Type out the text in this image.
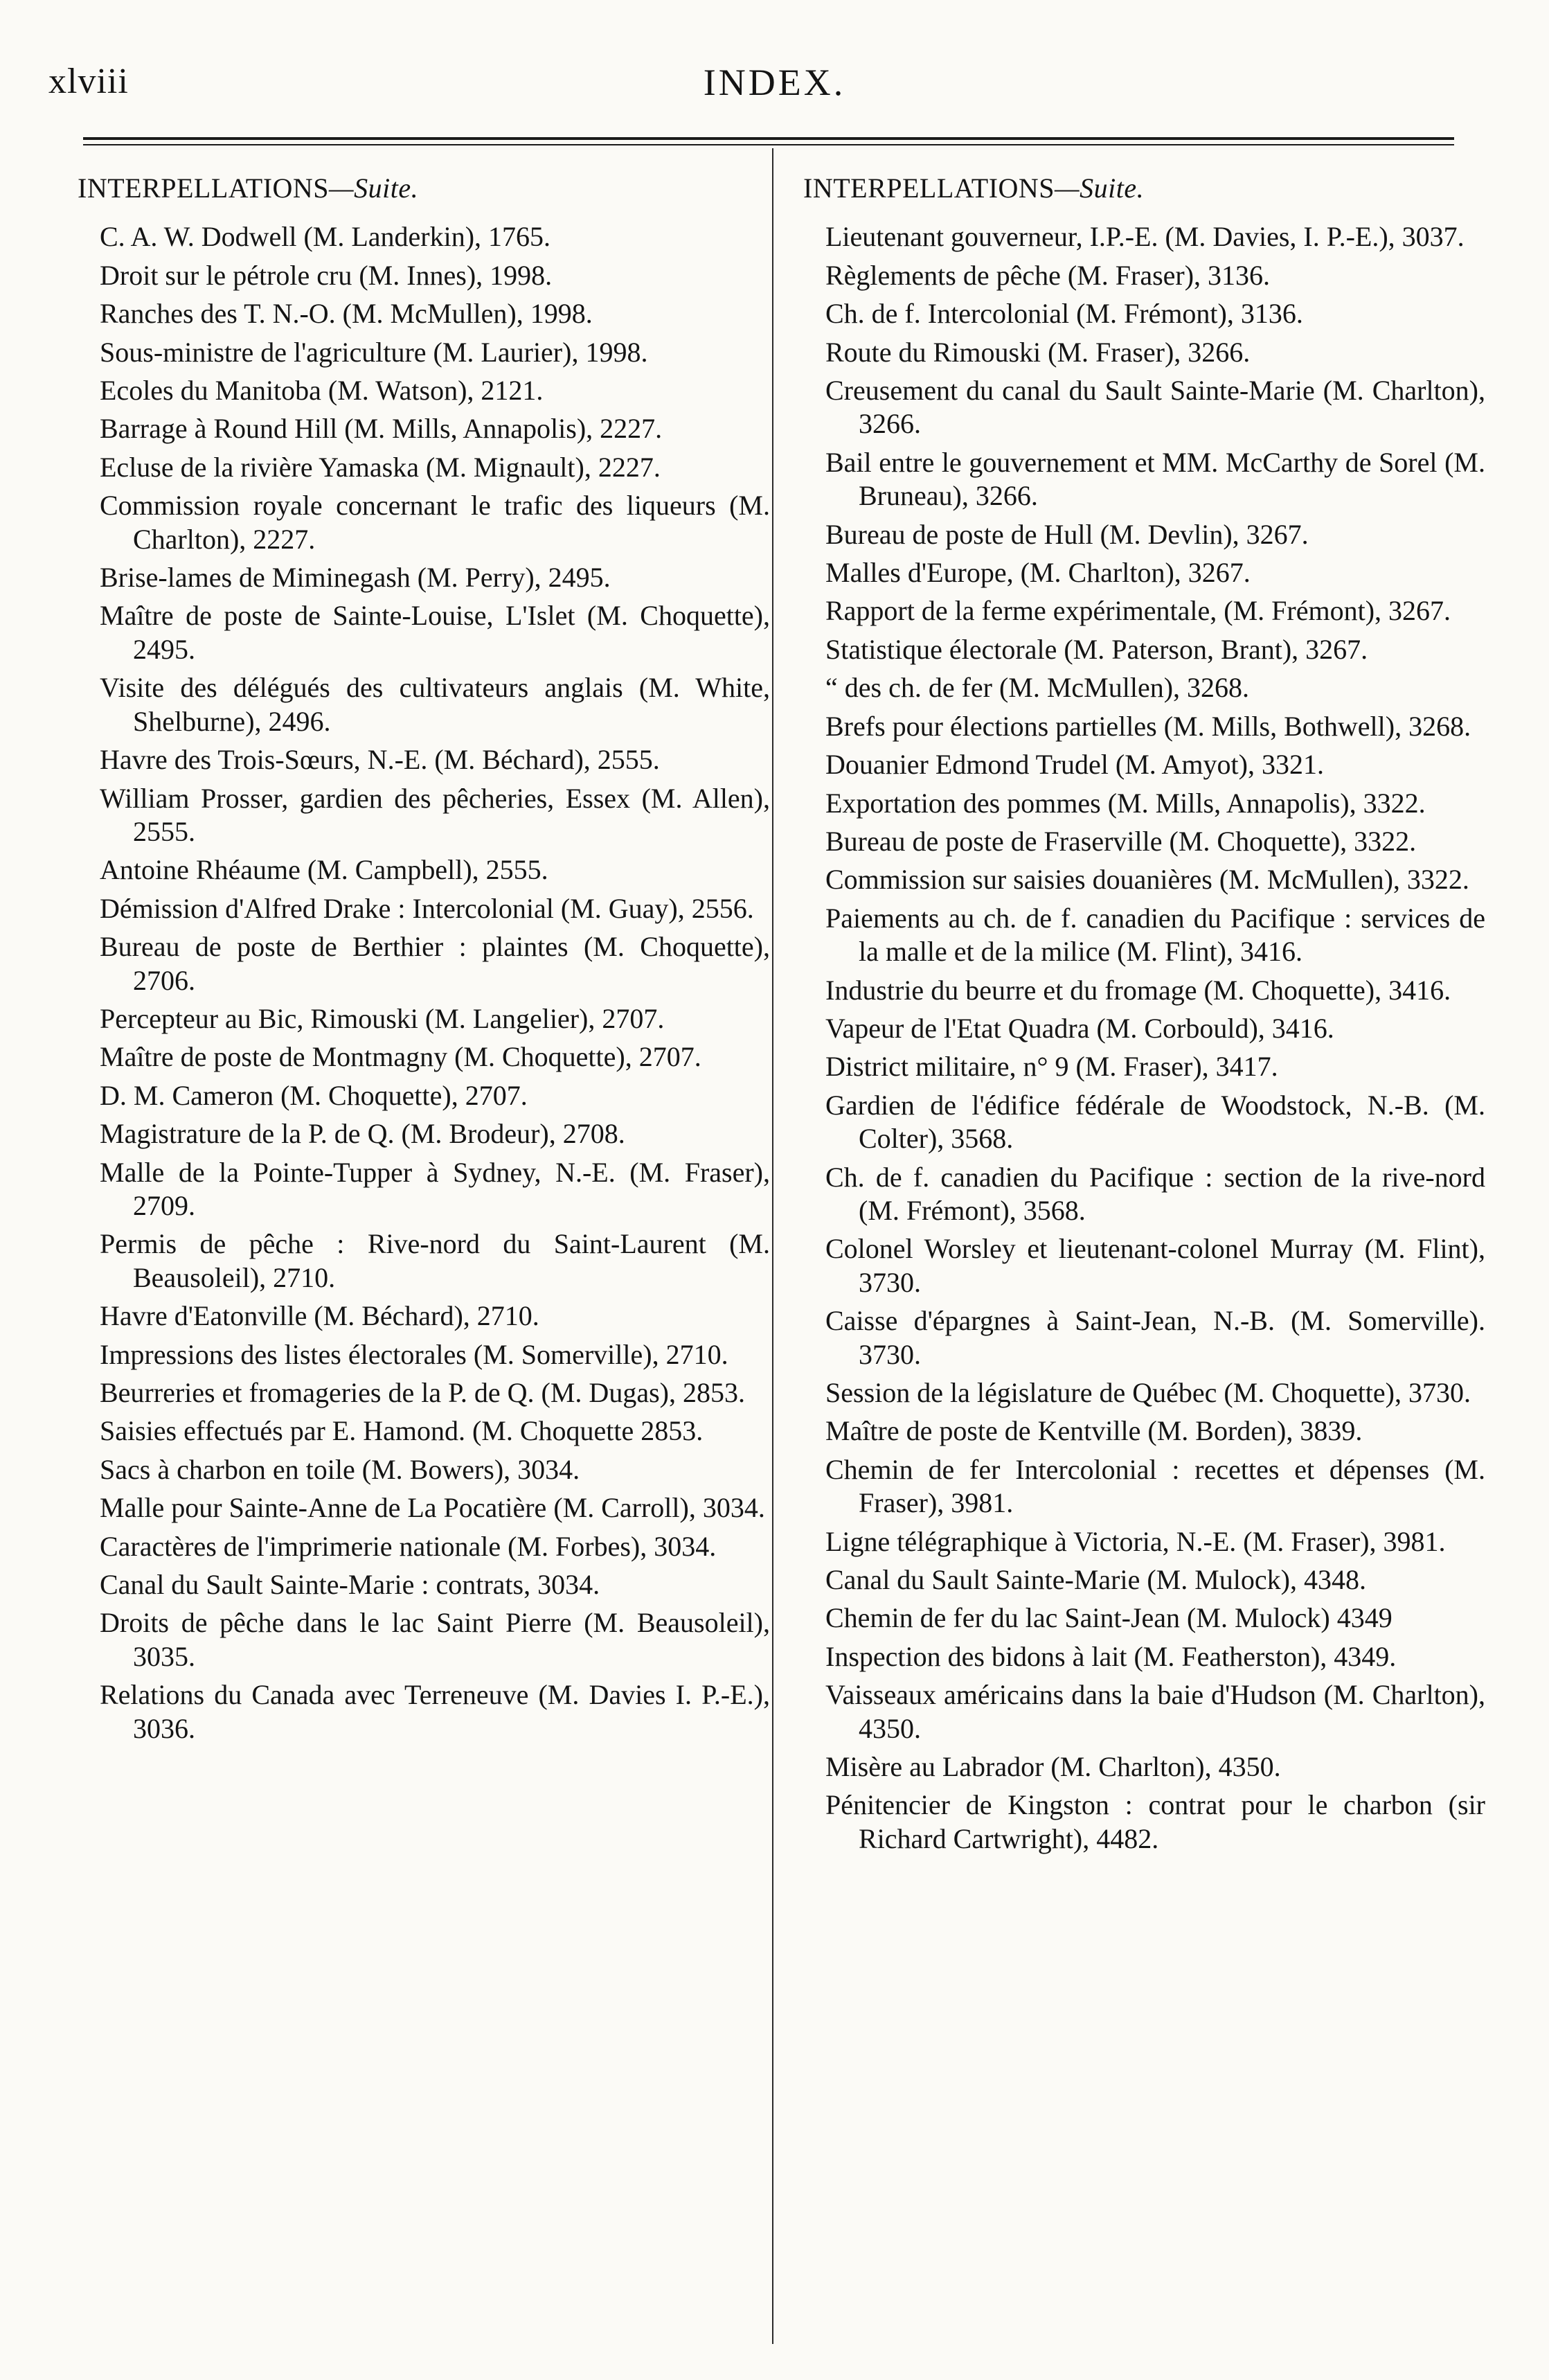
xlviii	INDEX.
INTERPELLATIONS—Suite.

C. A. W. Dodwell (M. Landerkin), 1765.

Droit sur le pétrole cru (M. Innes), 1998.

Ranches des T. N.-O. (M. McMullen), 1998.

Sous-ministre de l'agriculture (M. Laurier), 1998.

Ecoles du Manitoba (M. Watson), 2121.

Barrage à Round Hill (M. Mills, Annapolis), 2227.

Ecluse de la rivière Yamaska (M. Mignault), 2227.

Commission royale concernant le trafic des liqueurs (M. Charlton), 2227.

Brise-lames de Miminegash (M. Perry), 2495.

Maître de poste de Sainte-Louise, L'Islet (M. Choquette), 2495.

Visite des délégués des cultivateurs anglais (M. White, Shelburne), 2496.

Havre des Trois-Sœurs, N.-E. (M. Béchard), 2555.

William Prosser, gardien des pêcheries, Essex (M. Allen), 2555.

Antoine Rhéaume (M. Campbell), 2555.

Démission d'Alfred Drake : Intercolonial (M. Guay), 2556.

Bureau de poste de Berthier : plaintes (M. Choquette), 2706.

Percepteur au Bic, Rimouski (M. Langelier), 2707.

Maître de poste de Montmagny (M. Choquette), 2707.

D. M. Cameron (M. Choquette), 2707.

Magistrature de la P. de Q. (M. Brodeur), 2708.

Malle de la Pointe-Tupper à Sydney, N.-E. (M. Fraser), 2709.

Permis de pêche : Rive-nord du Saint-Laurent (M. Beausoleil), 2710.

Havre d'Eatonville (M. Béchard), 2710.

Impressions des listes électorales (M. Somerville), 2710.

Beurreries et fromageries de la P. de Q. (M. Dugas), 2853.

Saisies effectués par E. Hamond. (M. Choquette 2853.

Sacs à charbon en toile (M. Bowers), 3034.

Malle pour Sainte-Anne de La Pocatière (M. Carroll), 3034.

Caractères de l'imprimerie nationale (M. Forbes), 3034.

Canal du Sault Sainte-Marie : contrats, 3034.

Droits de pêche dans le lac Saint Pierre (M. Beausoleil), 3035.

Relations du Canada avec Terreneuve (M. Davies I. P.-E.), 3036.

INTERPELLATIONS—Suite.

Lieutenant gouverneur, I.P.-E. (M. Davies, I. P.-E.), 3037.

Règlements de pêche (M. Fraser), 3136.

Ch. de f. Intercolonial (M. Frémont), 3136.

Route du Rimouski (M. Fraser), 3266.

Creusement du canal du Sault Sainte-Marie (M. Charlton), 3266.

Bail entre le gouvernement et MM. McCarthy de Sorel (M. Bruneau), 3266.

Bureau de poste de Hull (M. Devlin), 3267.

Malles d'Europe, (M. Charlton), 3267.

Rapport de la ferme expérimentale, (M. Frémont), 3267.

Statistique électorale (M. Paterson, Brant), 3267.

“ des ch. de fer (M. McMullen), 3268.

Brefs pour élections partielles (M. Mills, Bothwell), 3268.

Douanier Edmond Trudel (M. Amyot), 3321.

Exportation des pommes (M. Mills, Annapolis), 3322.

Bureau de poste de Fraserville (M. Choquette), 3322.

Commission sur saisies douanières (M. McMullen), 3322.

Paiements au ch. de f. canadien du Pacifique : services de la malle et de la milice (M. Flint), 3416.

Industrie du beurre et du fromage (M. Choquette), 3416.

Vapeur de l'Etat Quadra (M. Corbould), 3416.

District militaire, n° 9 (M. Fraser), 3417.

Gardien de l'édifice fédérale de Woodstock, N.-B. (M. Colter), 3568.

Ch. de f. canadien du Pacifique : section de la rive-nord (M. Frémont), 3568.

Colonel Worsley et lieutenant-colonel Murray (M. Flint), 3730.

Caisse d'épargnes à Saint-Jean, N.-B. (M. Somerville). 3730.

Session de la législature de Québec (M. Choquette), 3730.

Maître de poste de Kentville (M. Borden), 3839.

Chemin de fer Intercolonial : recettes et dépenses (M. Fraser), 3981.

Ligne télégraphique à Victoria, N.-E. (M. Fraser), 3981.

Canal du Sault Sainte-Marie (M. Mulock), 4348.

Chemin de fer du lac Saint-Jean (M. Mulock) 4349

Inspection des bidons à lait (M. Featherston), 4349.

Vaisseaux américains dans la baie d'Hudson (M. Charlton), 4350.

Misère au Labrador (M. Charlton), 4350.

Pénitencier de Kingston : contrat pour le charbon (sir Richard Cartwright), 4482.
